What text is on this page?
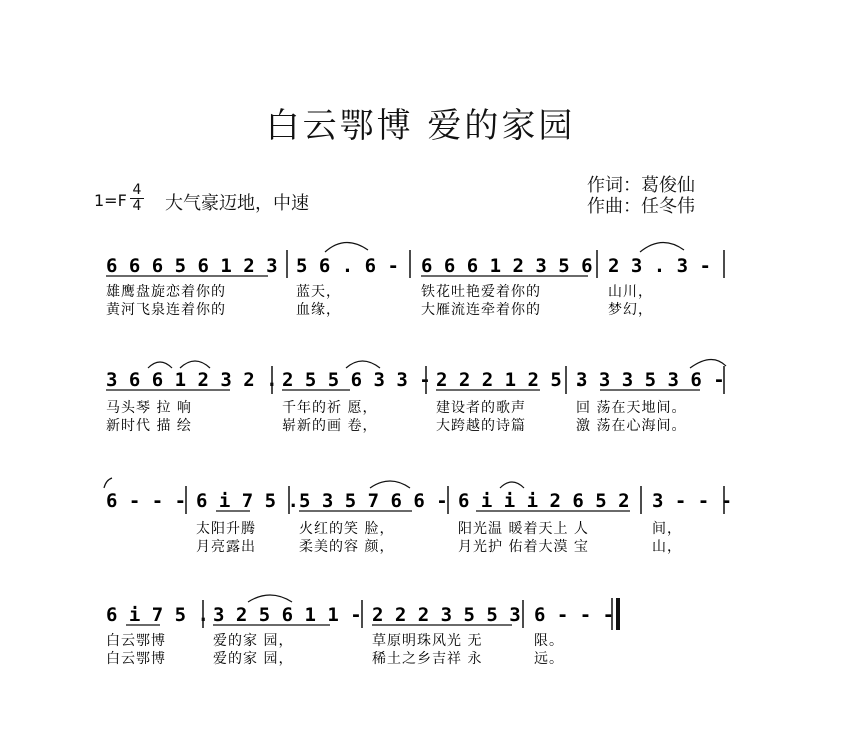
白云鄂博 爱的家园
1=F
4
4 大气豪迈地，中速
作词：葛俊仙
作曲：任冬伟
6 6 6 5 6 1 2 3 5 6 . 6 - 6 6 6 1 2 3 5 6 2 3 . 3 -
雄鹰盘旋恋着你的	蓝天，	铁花吐艳爱着你的	山川，
黄河飞泉连着你的	血缘，	大雁流连牵着你的	梦幻，
3 6 6 1 2 3 2 . 2 5 5 6 3 3 - 2 2 2 1 2 5 .
3 3 3 5 3 6 -
马头琴 拉 响	千年的祈 愿，	建设者的歌声	回 荡在天地间。
新时代 描 绘	崭新的画 卷，	大跨越的诗篇	激 荡在心海间。
6 - - - 6 i 7 5 . 5 3 5 7 6 6 - 6 i i i 2 6 5 2 3 - - -
太阳升腾	火红的笑 脸，	阳光温 暖着天上 人	间，
月亮露出	柔美的容 颜，	月光护 佑着大漠 宝	山，
6 i 7 5 . 3 2 5 6 1 1 - 2 2 2 3 5 5 3 6 - - -
白云鄂博	爱的家 园，	草原明珠风光 无	限。
白云鄂博	爱的家 园，	稀土之乡吉祥 永	远。
